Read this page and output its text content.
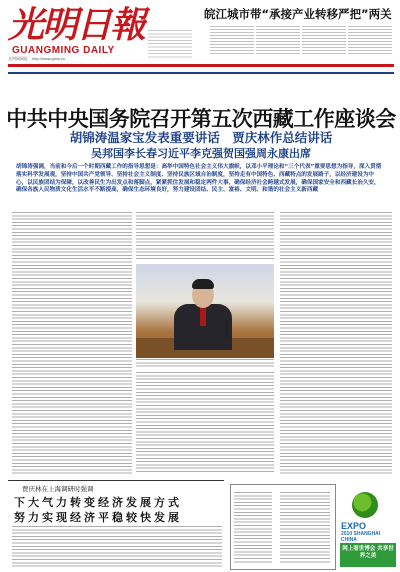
光明日報
GUANGMING DAILY
皖江城市带“承接产业转移严把”两关
光明网网址：http://www.gmw.cn
中共中央国务院召开第五次西藏工作座谈会
胡锦涛温家宝发表重要讲话　贾庆林作总结讲话
吴邦国李长春习近平李克强贺国强周永康出席
胡锦涛强调，当前和今后一个时期西藏工作的指导思想是：高举中国特色社会主义伟大旗帜，以邓小平理论和“三个代表”重要思想为指导，深入贯彻落实科学发展观，坚持中国共产党领导、坚持社会主义制度、坚持民族区域自治制度，坚持走有中国特色、西藏特点的发展路子，以经济建设为中心，以民族团结为保障，以改善民生为出发点和落脚点，紧紧抓住发展和稳定两件大事，确保经济社会跨越式发展，确保国家安全和西藏长治久安，确保各族人民物质文化生活水平不断提高，确保生态环境良好，努力建设团结、民主、富裕、文明、和谐的社会主义新西藏
贾庆林在上海调研时强调
下大气力转变经济发展方式
努力实现经济平稳较快发展
EXPO
2010 SHANGHAI CHINA
网上看世博会 共享世界之美
